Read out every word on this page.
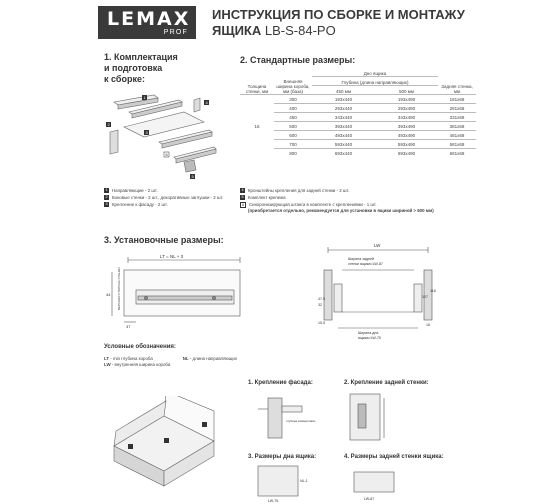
LEMAX
PROF
ИНСТРУКЦИЯ ПО СБОРКЕ И МОНТАЖУ
ЯЩИКА LB-S-84-PO
1. Комплектация
и подготовка
к сборке:
1
2
3
4
5
6
2. Стандартные размеры:
Толщина стенки, мм	Внешняя ширина короба, мм (база)	Дно ящика		Задняя стенка, мм
		Глубина (длина направляющих)		
		450 мм	500 мм	
16	300	193х440	193х490	181х68
	400	293х440	293х490	281х68
	450	343х440	343х490	331х68
	500	393х440	393х490	381х68
	600	493х440	493х490	481х68
	700	593х440	593х490	581х68
	800	693х440	693х490	681х68
1	Направляющие - 2 шт.
2	Боковые стенки - 2 шт., декоративные заглушки - 2 шт.
3	Крепление к фасаду - 2 шт.
4	Кронштейны крепления для задней стенки - 2 шт.
5	Комплект крепежа
6	Синхронизирующая штанга в комплекте с креплениями - 1 шт.
(приобретается отдельно, рекомендуется для установки в ящики шириной > 600 мм)
3. Установочные размеры:
LT = NL + 3
44
37
ВЕРХНЯЯ СТОРОНА СТЕНКИ
LW
Ширина задней
стенки ящика=LW-87
Ширина дна
ящика=LW-75
47.5
32
107
118
15.5	16
Условные обозначения:
LT - min глубина короба	NL - длина направляющих
LW - внутренняя ширина короба
1. Крепление фасада:	2. Крепление задней стенки:
3. Размеры дна ящика:	4. Размеры задней стенки ящика:
глубина засверловки
LW-75
NL-1
LW-87
